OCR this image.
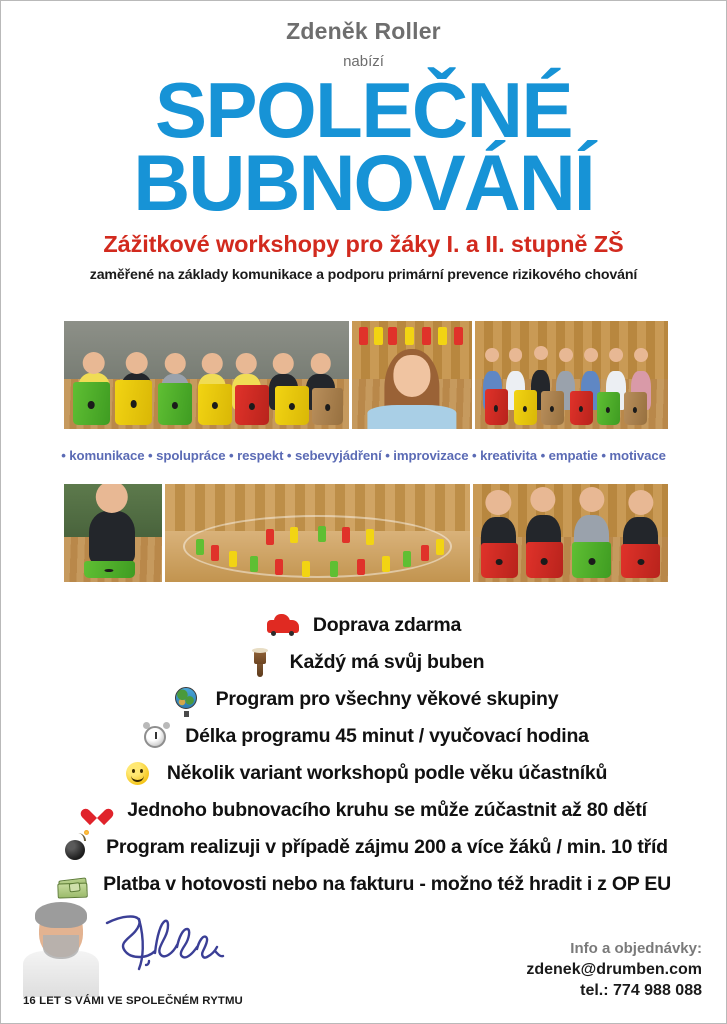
Zdeněk Roller
nabízí
SPOLEČNÉ
BUBNOVÁNÍ
Zážitkové workshopy pro žáky I. a II. stupně ZŠ
zaměřené na základy komunikace a podporu primární prevence rizikového chování
• komunikace • spolupráce • respekt • sebevyjádření • improvizace • kreativita • empatie • motivace
Doprava zdarma
Každý má svůj buben
Program pro všechny věkové skupiny
Délka programu 45 minut / vyučovací hodina
Několik variant workshopů podle věku účastníků
Jednoho bubnovacího kruhu se může zúčastnit až 80 dětí
Program realizuji v případě zájmu 200 a více žáků / min. 10 tříd
Platba v hotovosti nebo na fakturu - možno též hradit i z OP EU
16 LET S VÁMI VE SPOLEČNÉM RYTMU
Info a objednávky:
zdenek@drumben.com
tel.: 774 988 088
